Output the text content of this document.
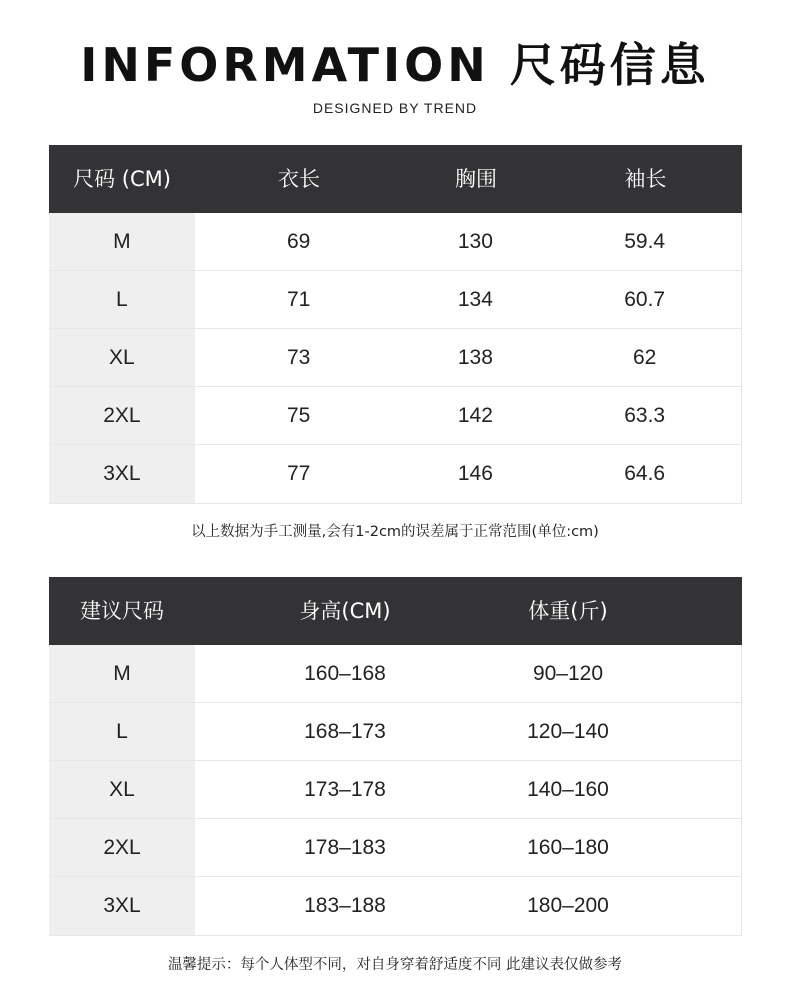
INFORMATION 尺码信息
DESIGNED BY TREND
尺码 (CM)	衣长	胸围	袖长
M	69	130	59.4
L	71	134	60.7
XL	73	138	62
2XL	75	142	63.3
3XL	77	146	64.6
以上数据为手工测量,会有1-2cm的误差属于正常范围(单位:cm)
建议尺码	身高(CM)	体重(斤)
M	160–168	90–120
L	168–173	120–140
XL	173–178	140–160
2XL	178–183	160–180
3XL	183–188	180–200
温馨提示：每个人体型不同，对自身穿着舒适度不同 此建议表仅做参考
